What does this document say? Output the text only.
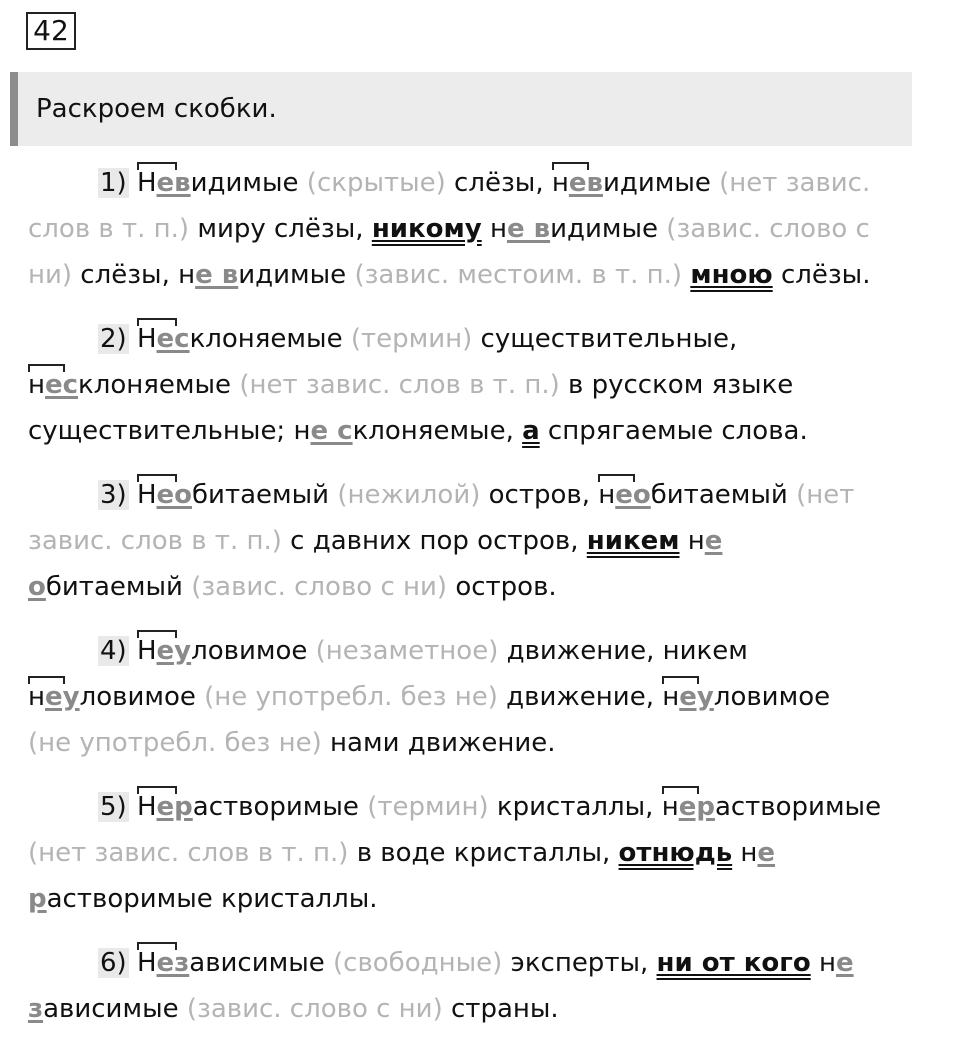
42
Раскроем скобки.
1) Невидимые (скрытые) слёзы, невидимые (нет завис.
слов в т. п.) миру слёзы, никому не видимые (завис. слово с
ни) слёзы, не видимые (завис. местоим. в т. п.) мною слёзы.
2) Несклоняемые (термин) существительные,
несклоняемые (нет завис. слов в т. п.) в русском языке
существительные; не склоняемые, а спрягаемые слова.
3) Необитаемый (нежилой) остров, необитаемый (нет
завис. слов в т. п.) с давних пор остров, никем не
обитаемый (завис. слово с ни) остров.
4) Неуловимое (незаметное) движение, никем
неуловимое (не употребл. без не) движение, неуловимое
(не употребл. без не) нами движение.
5) Нерастворимые (термин) кристаллы, нерастворимые
(нет завис. слов в т. п.) в воде кристаллы, отнюдь не
растворимые кристаллы.
6) Независимые (свободные) эксперты, ни от кого не
зависимые (завис. слово с ни) страны.
